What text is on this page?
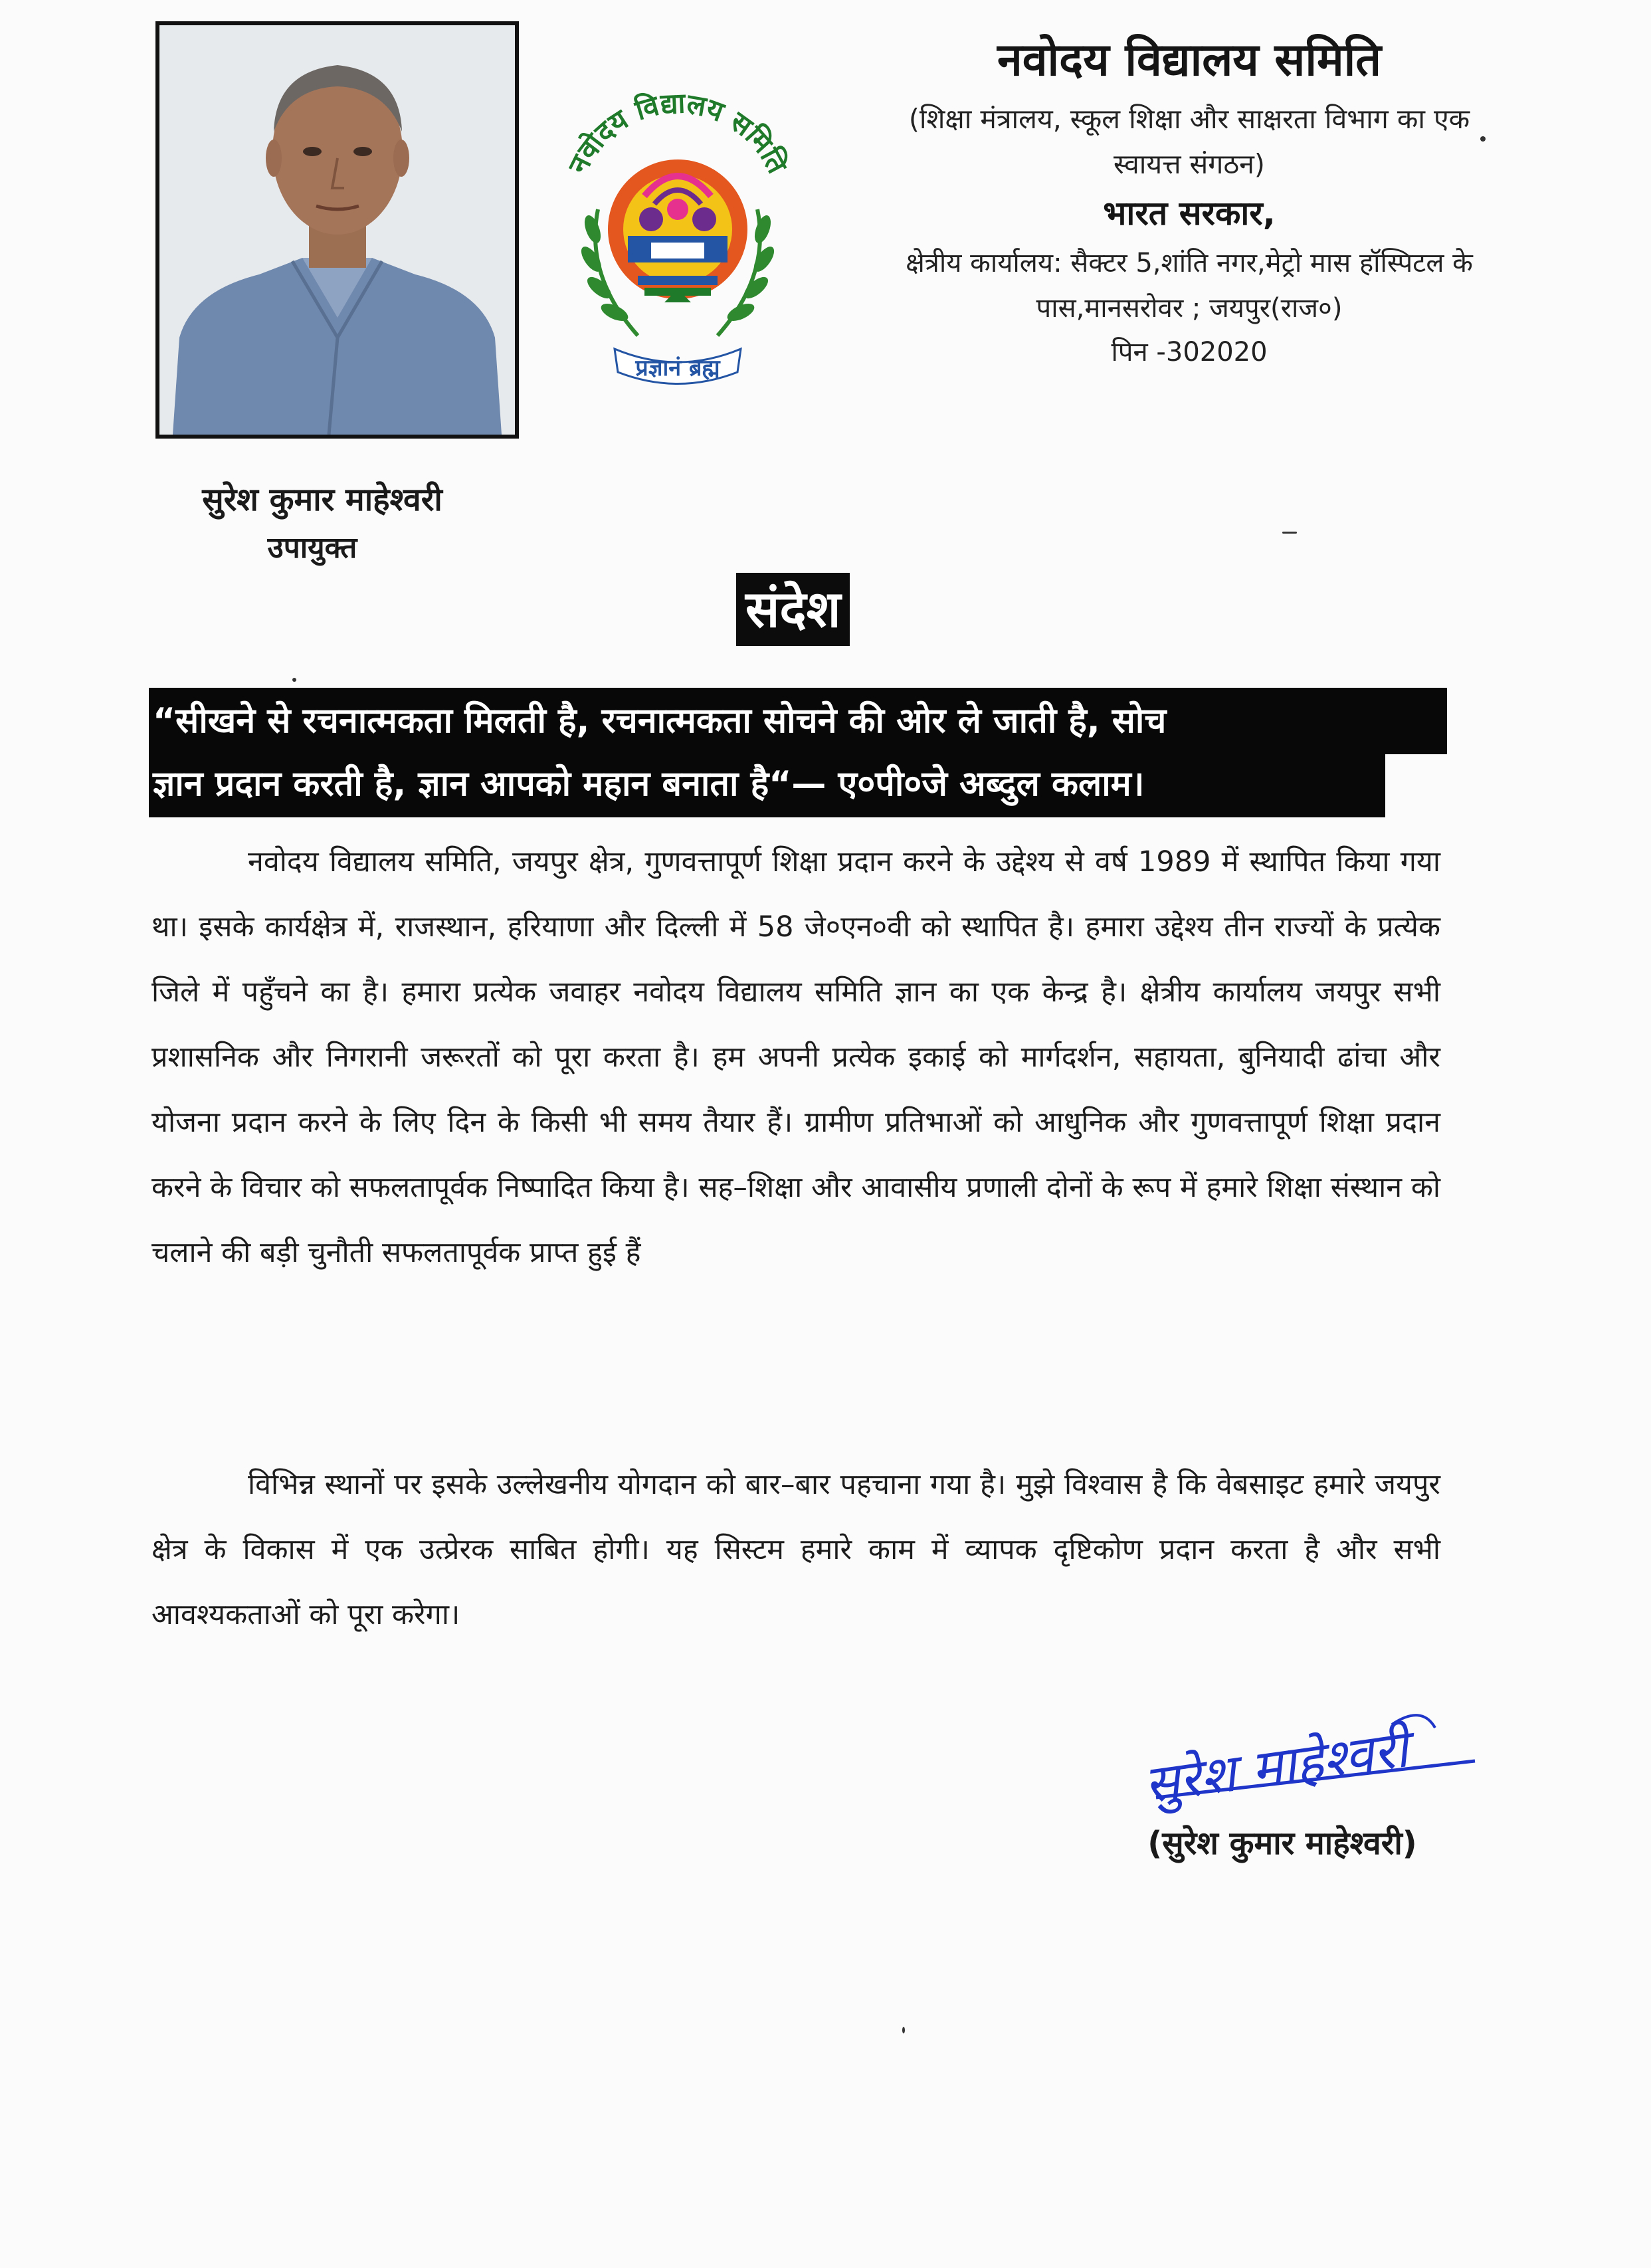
नवोदय विद्यालय समिति
प्रज्ञानं ब्रह्म
नवोदय विद्यालय समिति
(शिक्षा मंत्रालय, स्कूल शिक्षा और साक्षरता विभाग का एक
स्वायत्त संगठन)
भारत सरकार,
क्षेत्रीय कार्यालय: सैक्टर 5,शांति नगर,मेट्रो मास हॉस्पिटल के
पास,मानसरोवर ; जयपुर(राज०)
पिन -302020
सुरेश कुमार माहेश्वरी
उपायुक्त
संदेश
“सीखने से रचनात्मकता मिलती है, रचनात्मकता सोचने की ओर ले जाती है, सोच
ज्ञान प्रदान करती है, ज्ञान आपको महान बनाता है“— ए०पी०जे अब्दुल कलाम।
नवोदय विद्यालय समिति, जयपुर क्षेत्र, गुणवत्तापूर्ण शिक्षा प्रदान करने के उद्देश्य से वर्ष 1989 में स्थापित किया गया था। इसके कार्यक्षेत्र में, राजस्थान, हरियाणा और दिल्ली में 58 जे०एन०वी को स्थापित है। हमारा उद्देश्य तीन राज्यों के प्रत्येक जिले में पहुँचने का है। हमारा प्रत्येक जवाहर नवोदय विद्यालय समिति ज्ञान का एक केन्द्र है। क्षेत्रीय कार्यालय जयपुर सभी प्रशासनिक और निगरानी जरूरतों को पूरा करता है। हम अपनी प्रत्येक इकाई को मार्गदर्शन, सहायता, बुनियादी ढांचा और योजना प्रदान करने के लिए दिन के किसी भी समय तैयार हैं। ग्रामीण प्रतिभाओं को आधुनिक और गुणवत्तापूर्ण शिक्षा प्रदान करने के विचार को सफलतापूर्वक निष्पादित किया है। सह–शिक्षा और आवासीय प्रणाली दोनों के रूप में हमारे शिक्षा संस्थान को चलाने की बड़ी चुनौती सफलतापूर्वक प्राप्त हुई हैं
विभिन्न स्थानों पर इसके उल्लेखनीय योगदान को बार–बार पहचाना गया है। मुझे विश्वास है कि वेबसाइट हमारे जयपुर क्षेत्र के विकास में एक उत्प्रेरक साबित होगी। यह सिस्टम हमारे काम में व्यापक दृष्टिकोण प्रदान करता है और सभी आवश्यकताओं को पूरा करेगा।
सुरेश माहेश्वरी
(सुरेश कुमार माहेश्वरी)
